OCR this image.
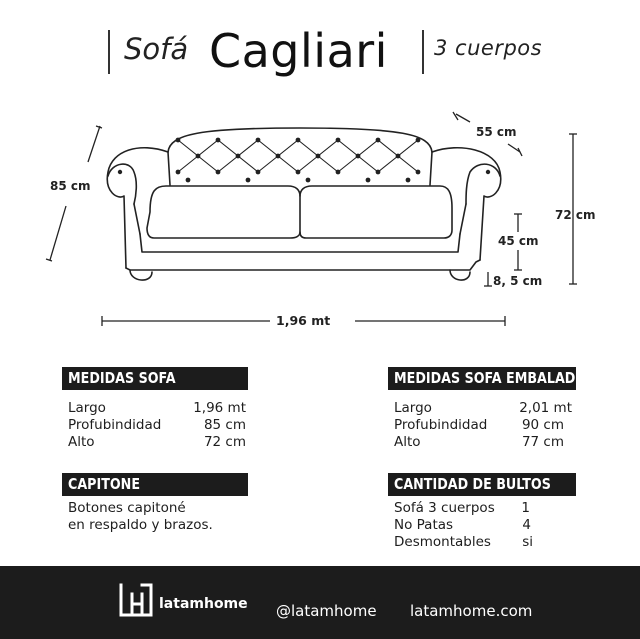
Sofá Cagliari 3 cuerpos
85 cm
55 cm
72 cm
45 cm
8, 5 cm
1,96 mt
MEDIDAS SOFA
Largo	1,96 mt
Profubindidad	85 cm
Alto	72 cm
MEDIDAS SOFA EMBALADO
Largo	2,01 mt
Profubindidad	90 cm
Alto	77 cm
CAPITONE
Botones capitoné
en respaldo y brazos.
CANTIDAD DE BULTOS
Sofá 3 cuerpos 1
No Patas	4
Desmontables si
latamhome @latamhome latamhome.com
